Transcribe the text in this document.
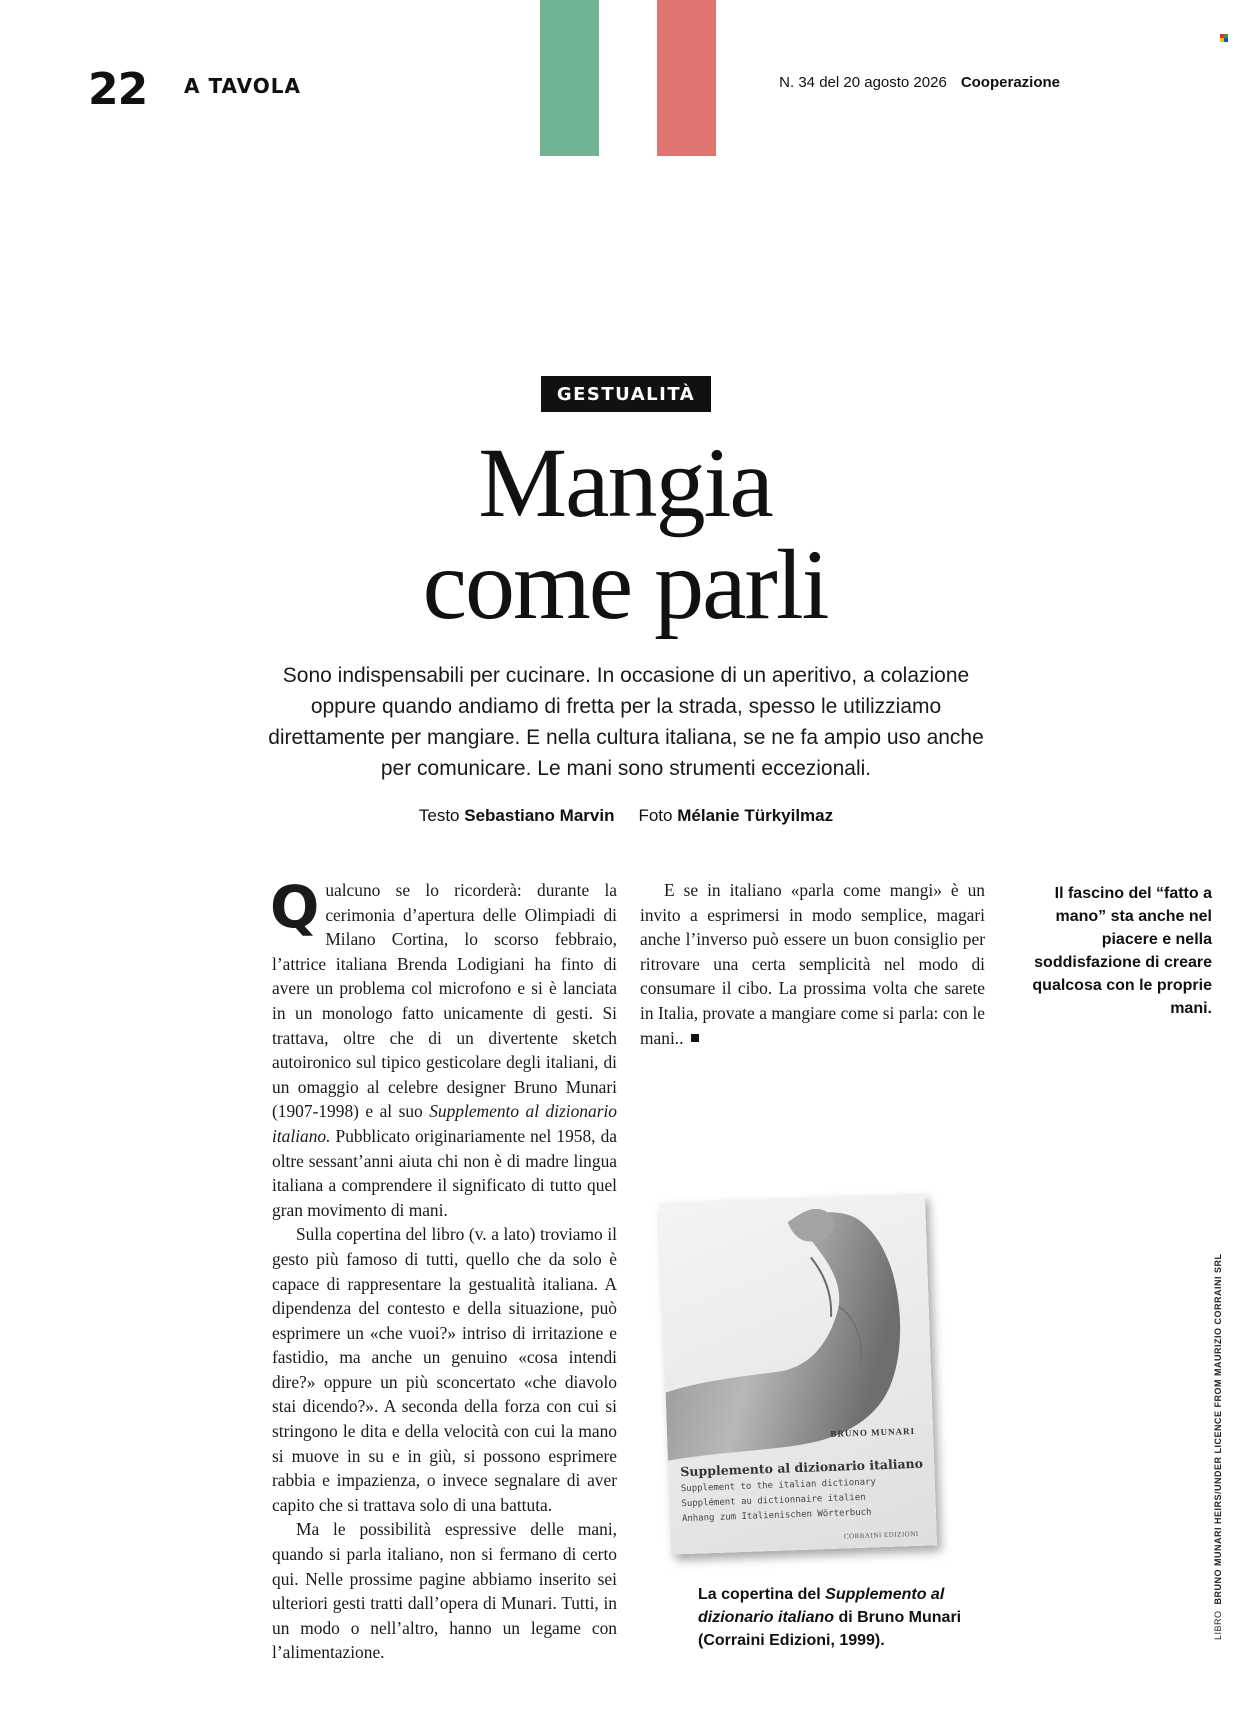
22 A TAVOLA	N. 34 del 20 agosto 2026 Cooperazione
GESTUALITÀ
Mangia
come parli
Sono indispensabili per cucinare. In occasione di un aperitivo, a colazione oppure quando andiamo di fretta per la strada, spesso le utilizziamo direttamente per mangiare. E nella cultura italiana, se ne fa ampio uso anche per comunicare. Le mani sono strumenti eccezionali.
Testo Sebastiano Marvin Foto Mélanie Türkyilmaz

Qualcuno se lo ricorderà: durante la cerimonia d’apertura delle Olimpiadi di Milano Cortina, lo scorso febbraio, l’attrice italiana Brenda Lodigiani ha finto di avere un problema col microfono e si è lanciata in un monologo fatto unicamente di gesti. Si trattava, oltre che di un divertente sketch autoironico sul tipico gesticolare degli italiani, di un omaggio al celebre designer Bruno Munari (1907-1998) e al suo Supplemento al dizionario italiano. Pubblicato originariamente nel 1958, da oltre sessant’anni aiuta chi non è di madre lingua italiana a comprendere il significato di tutto quel gran movimento di mani.

Sulla copertina del libro (v. a lato) troviamo il gesto più famoso di tutti, quello che da solo è capace di rappresentare la gestualità italiana. A dipendenza del contesto e della situazione, può esprimere un «che vuoi?» intriso di irritazione e fastidio, ma anche un genuino «cosa intendi dire?» oppure un più sconcertato «che diavolo stai dicendo?». A seconda della forza con cui si stringono le dita e della velocità con cui la mano si muove in su e in giù, si possono esprimere rabbia e impazienza, o invece segnalare di aver capito che si trattava solo di una battuta.

Ma le possibilità espressive delle mani, quando si parla italiano, non si fermano di certo qui. Nelle prossime pagine abbiamo inserito sei ulteriori gesti tratti dall’opera di Munari. Tutti, in un modo o nell’altro, hanno un legame con l’alimentazione.

E se in italiano «parla come mangi» è un invito a esprimersi in modo semplice, magari anche l’inverso può essere un buon consiglio per ritrovare una certa semplicità nel modo di consumare il cibo. La prossima volta che sarete in Italia, provate a mangiare come si parla: con le mani..

Il fascino del “fatto a mano” sta anche nel piacere e nella soddisfazione di creare qualcosa con le proprie mani.
BRUNO MUNARI
Supplemento al dizionario italiano
Supplement to the italian dictionary
Supplément au dictionnaire italien
Anhang zum Italienischen Wörterbuch
CORRAINI EDIZIONI
La copertina del Supplemento al dizionario italiano di Bruno Munari (Corraini Edizioni, 1999).
LIBRO  BRUNO MUNARI HEIRS/UNDER LICENCE FROM MAURIZIO CORRAINI SRL
